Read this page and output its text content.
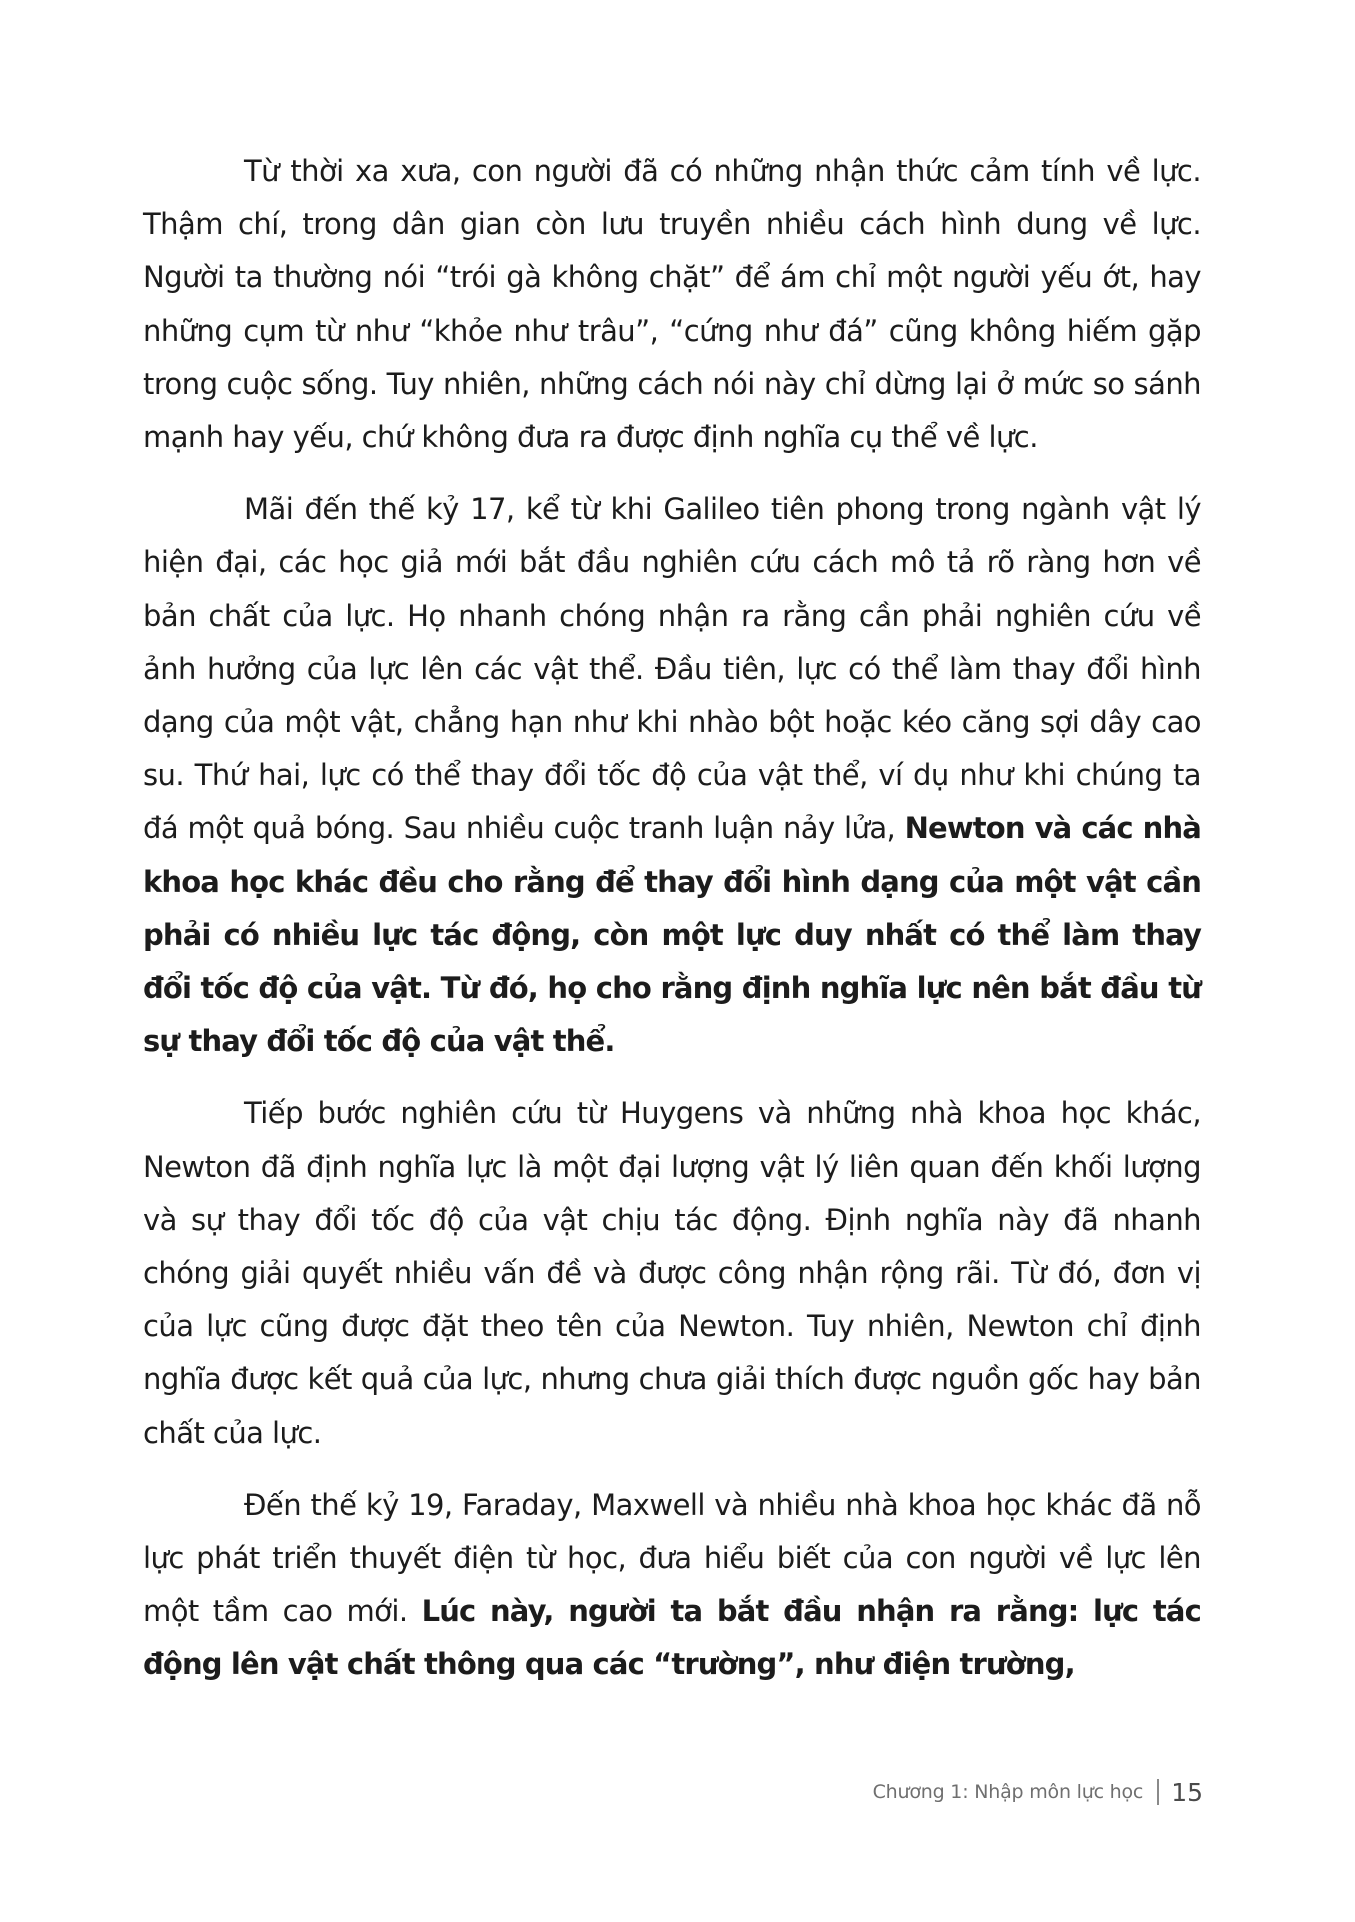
Từ thời xa xưa, con người đã có những nhận thức cảm tính về lực. Thậm chí, trong dân gian còn lưu truyền nhiều cách hình dung về lực. Người ta thường nói “trói gà không chặt” để ám chỉ một người yếu ớt, hay những cụm từ như “khỏe như trâu”, “cứng như đá” cũng không hiếm gặp trong cuộc sống. Tuy nhiên, những cách nói này chỉ dừng lại ở mức so sánh mạnh hay yếu, chứ không đưa ra được định nghĩa cụ thể về lực.

Mãi đến thế kỷ 17, kể từ khi Galileo tiên phong trong ngành vật lý hiện đại, các học giả mới bắt đầu nghiên cứu cách mô tả rõ ràng hơn về bản chất của lực. Họ nhanh chóng nhận ra rằng cần phải nghiên cứu về ảnh hưởng của lực lên các vật thể. Đầu tiên, lực có thể làm thay đổi hình dạng của một vật, chẳng hạn như khi nhào bột hoặc kéo căng sợi dây cao su. Thứ hai, lực có thể thay đổi tốc độ của vật thể, ví dụ như khi chúng ta đá một quả bóng. Sau nhiều cuộc tranh luận nảy lửa, Newton và các nhà khoa học khác đều cho rằng để thay đổi hình dạng của một vật cần phải có nhiều lực tác động, còn một lực duy nhất có thể làm thay đổi tốc độ của vật. Từ đó, họ cho rằng định nghĩa lực nên bắt đầu từ sự thay đổi tốc độ của vật thể.

Tiếp bước nghiên cứu từ Huygens và những nhà khoa học khác, Newton đã định nghĩa lực là một đại lượng vật lý liên quan đến khối lượng và sự thay đổi tốc độ của vật chịu tác động. Định nghĩa này đã nhanh chóng giải quyết nhiều vấn đề và được công nhận rộng rãi. Từ đó, đơn vị của lực cũng được đặt theo tên của Newton. Tuy nhiên, Newton chỉ định nghĩa được kết quả của lực, nhưng chưa giải thích được nguồn gốc hay bản chất của lực.

Đến thế kỷ 19, Faraday, Maxwell và nhiều nhà khoa học khác đã nỗ lực phát triển thuyết điện từ học, đưa hiểu biết của con người về lực lên một tầm cao mới. Lúc này, người ta bắt đầu nhận ra rằng: lực tác động lên vật chất thông qua các “trường”, như điện trường,

Chương 1: Nhập môn lực học 15
